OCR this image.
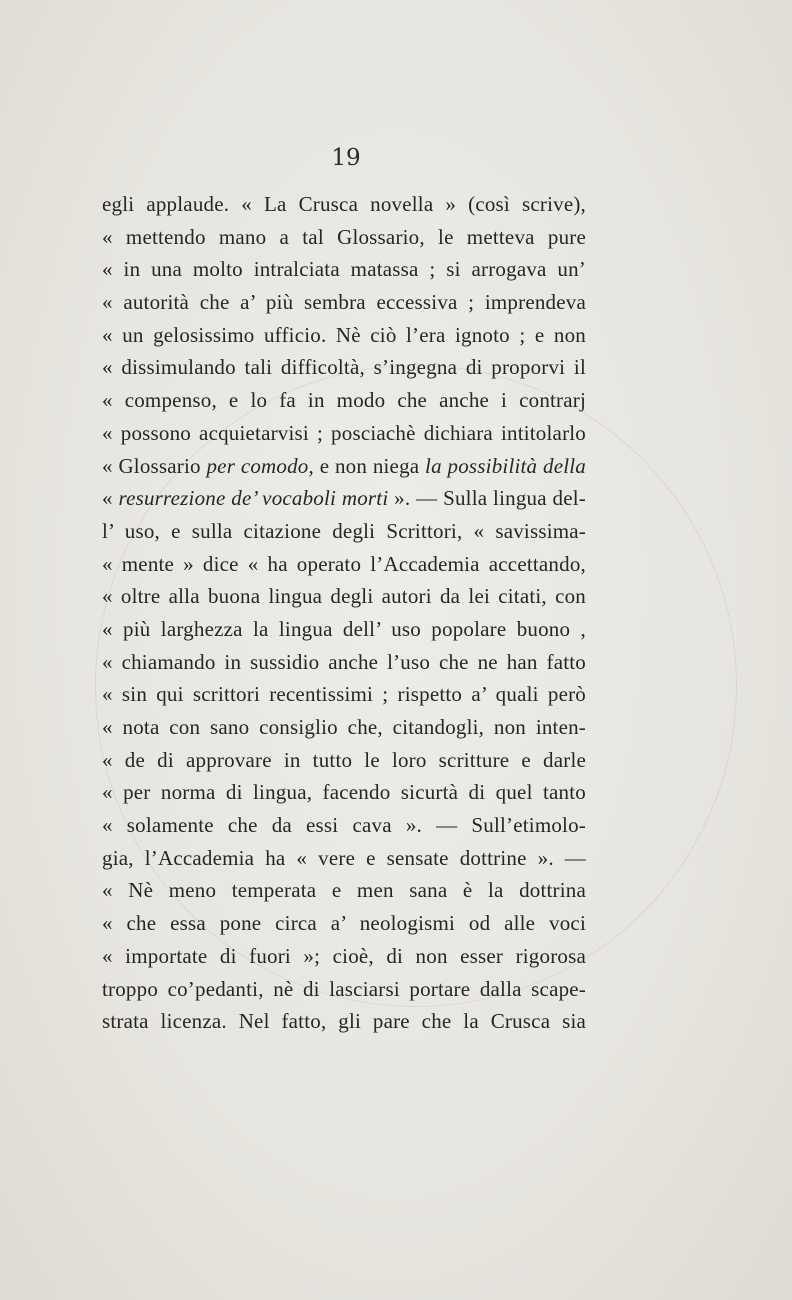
19
egli applaude. « La Crusca novella » (così scrive),
« mettendo mano a tal Glossario, le metteva pure
« in una molto intralciata matassa ; si arrogava un’
« autorità che a’ più sembra eccessiva ; imprendeva
« un gelosissimo ufficio. Nè ciò l’era ignoto ; e non
« dissimulando tali difficoltà, s’ingegna di proporvi il
« compenso, e lo fa in modo che anche i contrarj
« possono acquietarvisi ; posciachè dichiara intitolarlo
« Glossario per comodo, e non niega la possibilità della
« resurrezione de’ vocaboli morti ». — Sulla lingua del-
l’ uso, e sulla citazione degli Scrittori, « savissima-
« mente » dice « ha operato l’Accademia accettando,
« oltre alla buona lingua degli autori da lei citati, con
« più larghezza la lingua dell’ uso popolare buono ,
« chiamando in sussidio anche l’uso che ne han fatto
« sin qui scrittori recentissimi ; rispetto a’ quali però
« nota con sano consiglio che, citandogli, non inten-
« de di approvare in tutto le loro scritture e darle
« per norma di lingua, facendo sicurtà di quel tanto
« solamente che da essi cava ». — Sull’etimolo-
gia, l’Accademia ha « vere e sensate dottrine ». —
« Nè meno temperata e men sana è la dottrina
« che essa pone circa a’ neologismi od alle voci
« importate di fuori »; cioè, di non esser rigorosa
troppo co’pedanti, nè di lasciarsi portare dalla scape-
strata licenza. Nel fatto, gli pare che la Crusca sia
